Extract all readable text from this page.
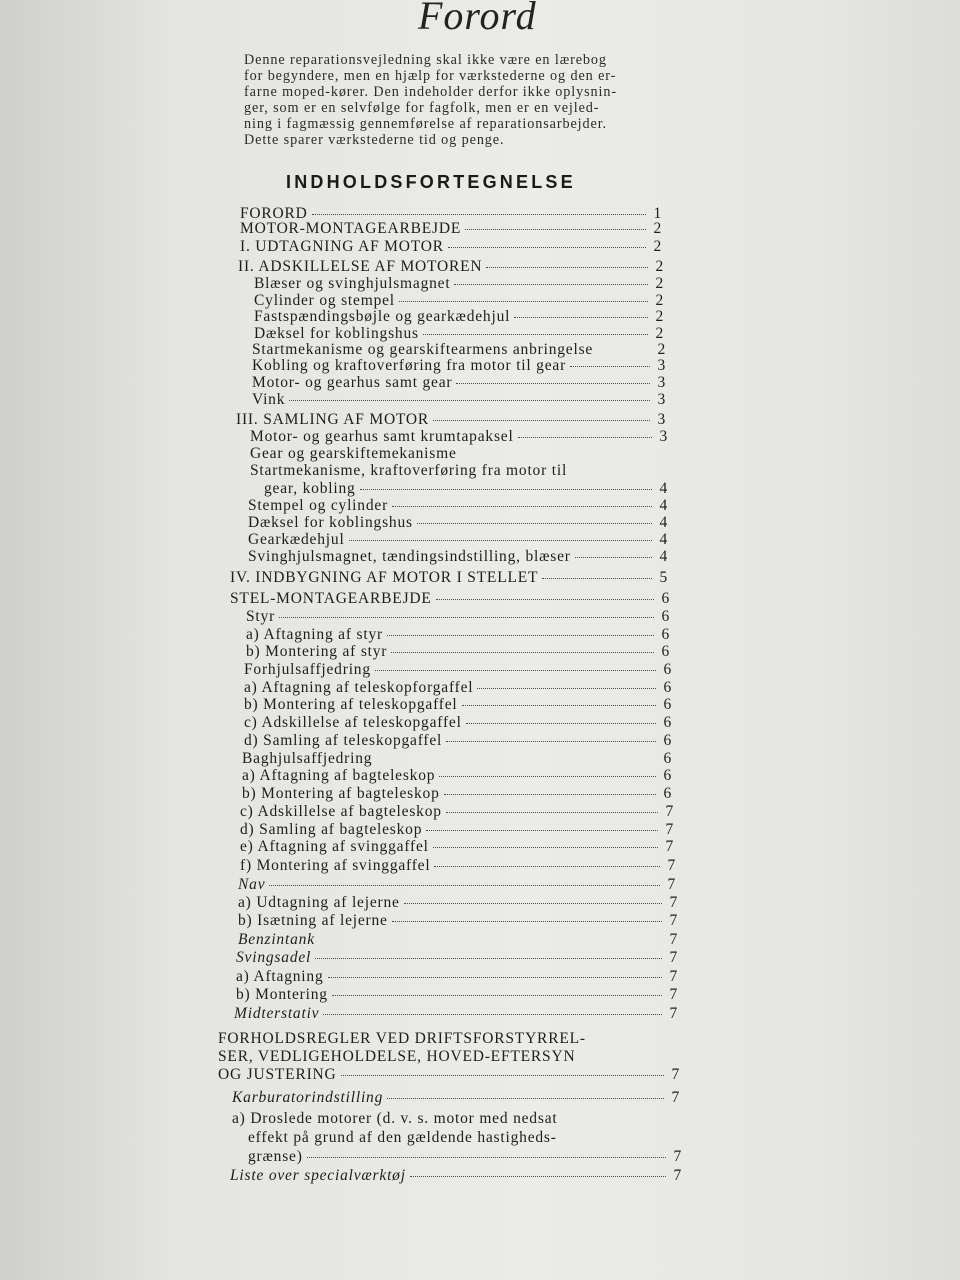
Forord
Denne reparationsvejledning skal ikke være en lærebog
for begyndere, men en hjælp for værkstederne og den er-
farne moped-kører. Den indeholder derfor ikke oplysnin-
ger, som er en selvfølge for fagfolk, men er en vejled-
ning i fagmæssig gennemførelse af reparationsarbejder.
Dette sparer værkstederne tid og penge.
INDHOLDSFORTEGNELSE
FORORD	1
MOTOR-MONTAGEARBEJDE	2
I. UDTAGNING AF MOTOR	2
II. ADSKILLELSE AF MOTOREN	2
Blæser og svinghjulsmagnet	2
Cylinder og stempel	2
Fastspændingsbøjle og gearkædehjul	2
Dæksel for koblingshus	2
Startmekanisme og gearskiftearmens anbringelse	2
Kobling og kraftoverføring fra motor til gear	3
Motor- og gearhus samt gear	3
Vink	3
III. SAMLING AF MOTOR	3
Motor- og gearhus samt krumtapaksel	3
Gear og gearskiftemekanisme
Startmekanisme, kraftoverføring fra motor til
gear, kobling	4
Stempel og cylinder	4
Dæksel for koblingshus	4
Gearkædehjul	4
Svinghjulsmagnet, tændingsindstilling, blæser	4
IV. INDBYGNING AF MOTOR I STELLET	5
STEL-MONTAGEARBEJDE	6
Styr	6
a) Aftagning af styr	6
b) Montering af styr	6
Forhjulsaffjedring	6
a) Aftagning af teleskopforgaffel	6
b) Montering af teleskopgaffel	6
c) Adskillelse af teleskopgaffel	6
d) Samling af teleskopgaffel	6
Baghjulsaffjedring	6
a) Aftagning af bagteleskop	6
b) Montering af bagteleskop	6
c) Adskillelse af bagteleskop	7
d) Samling af bagteleskop	7
e) Aftagning af svinggaffel	7
f) Montering af svinggaffel	7
Nav	7
a) Udtagning af lejerne	7
b) Isætning af lejerne	7
Benzintank	7
Svingsadel	7
a) Aftagning	7
b) Montering	7
Midterstativ	7
FORHOLDSREGLER VED DRIFTSFORSTYRREL-
SER, VEDLIGEHOLDELSE, HOVED-EFTERSYN
OG JUSTERING	7
Karburatorindstilling	7
a) Droslede motorer (d. v. s. motor med nedsat
effekt på grund af den gældende hastigheds-
grænse)	7
Liste over specialværktøj	7
